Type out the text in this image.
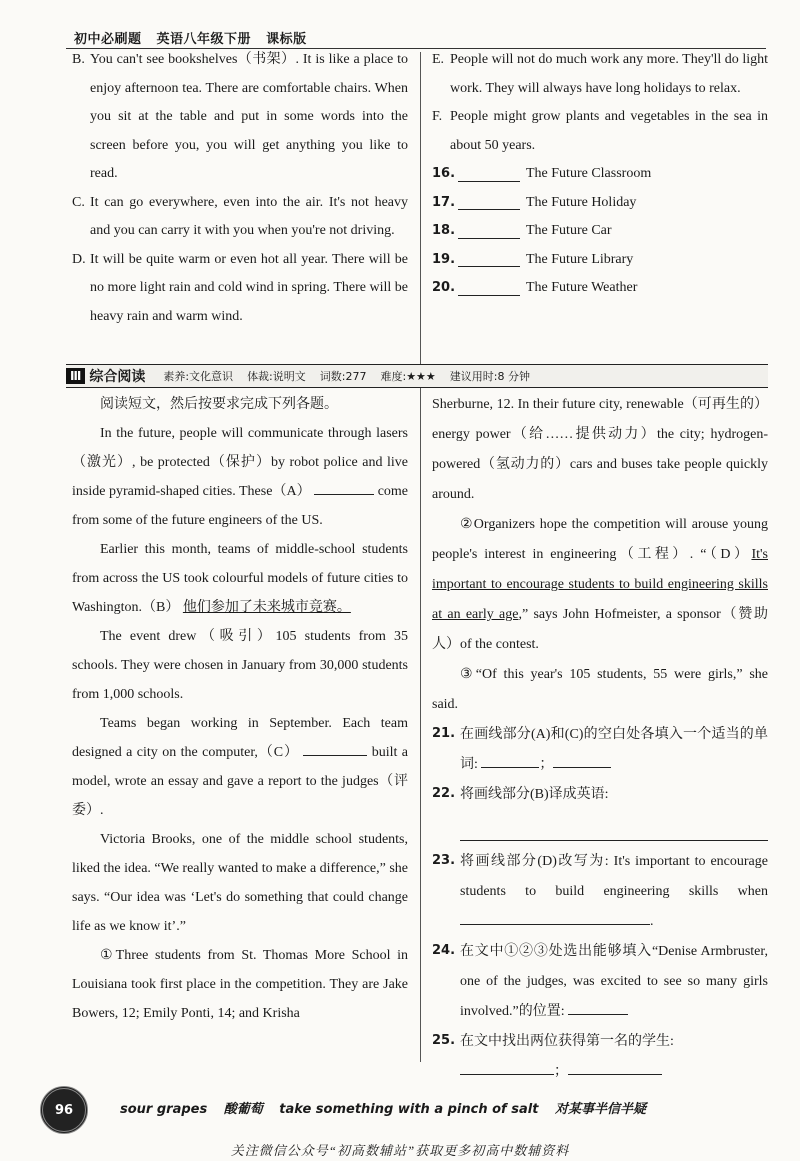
初中必刷题 英语八年级下册 课标版
B. You can't see bookshelves（书架）. It is like a place to enjoy afternoon tea. There are comfortable chairs. When you sit at the table and put in some words into the screen before you, you will get anything you like to read.
C. It can go everywhere, even into the air. It's not heavy and you can carry it with you when you're not driving.
D. It will be quite warm or even hot all year. There will be no more light rain and cold wind in spring. There will be heavy rain and warm wind.
E. People will not do much work any more. They'll do light work. They will always have long holidays to relax.
F. People might grow plants and vegetables in the sea in about 50 years.
16.	The Future Classroom
17.	The Future Holiday
18.	The Future Car
19.	The Future Library
20.	The Future Weather
Ⅲ 综合阅读 素养:文化意识 体裁:说明文 词数:277 难度:★★★ 建议用时:8 分钟

阅读短文，然后按要求完成下列各题。

In the future, people will communicate through lasers（激光）, be protected（保护）by robot police and live inside pyramid-shaped cities. These（A）	come from some of the future engineers of the US.

Earlier this month, teams of middle-school students from across the US took colourful models of future cities to Washington.（B） 他们参加了未来城市竞赛。

The event drew（吸引）105 students from 35 schools. They were chosen in January from 30,000 students from 1,000 schools.

Teams began working in September. Each team designed a city on the computer,（C）	built a model, wrote an essay and gave a report to the judges（评委）.

Victoria Brooks, one of the middle school students, liked the idea. “We really wanted to make a difference,” she says. “Our idea was ‘Let's do something that could change life as we know it’.”

①Three students from St. Thomas More School in Louisiana took first place in the competition. They are Jake Bowers, 12; Emily Ponti, 14; and Krisha

Sherburne, 12. In their future city, renewable（可再生的）energy power（给……提供动力）the city; hydrogen-powered（氢动力的）cars and buses take people quickly around.

②Organizers hope the competition will arouse young people's interest in engineering（工程）. “（D）It's important to encourage students to build engineering skills at an early age,” says John Hofmeister, a sponsor（赞助人）of the contest.

③“Of this year's 105 students, 55 were girls,” she said.

21. 在画线部分(A)和(C)的空白处各填入一个适当的单词:	；
22. 将画线部分(B)译成英语:
23. 将画线部分(D)改写为: It's important to encourage students to build engineering skills when .
24. 在文中①②③处选出能够填入“Denise Armbruster, one of the judges, was excited to see so many girls involved.”的位置:
25. 在文中找出两位获得第一名的学生:
；
96	sour grapes 酸葡萄 take something with a pinch of salt 对某事半信半疑
关注微信公众号“初高数辅站”获取更多初高中数辅资料
